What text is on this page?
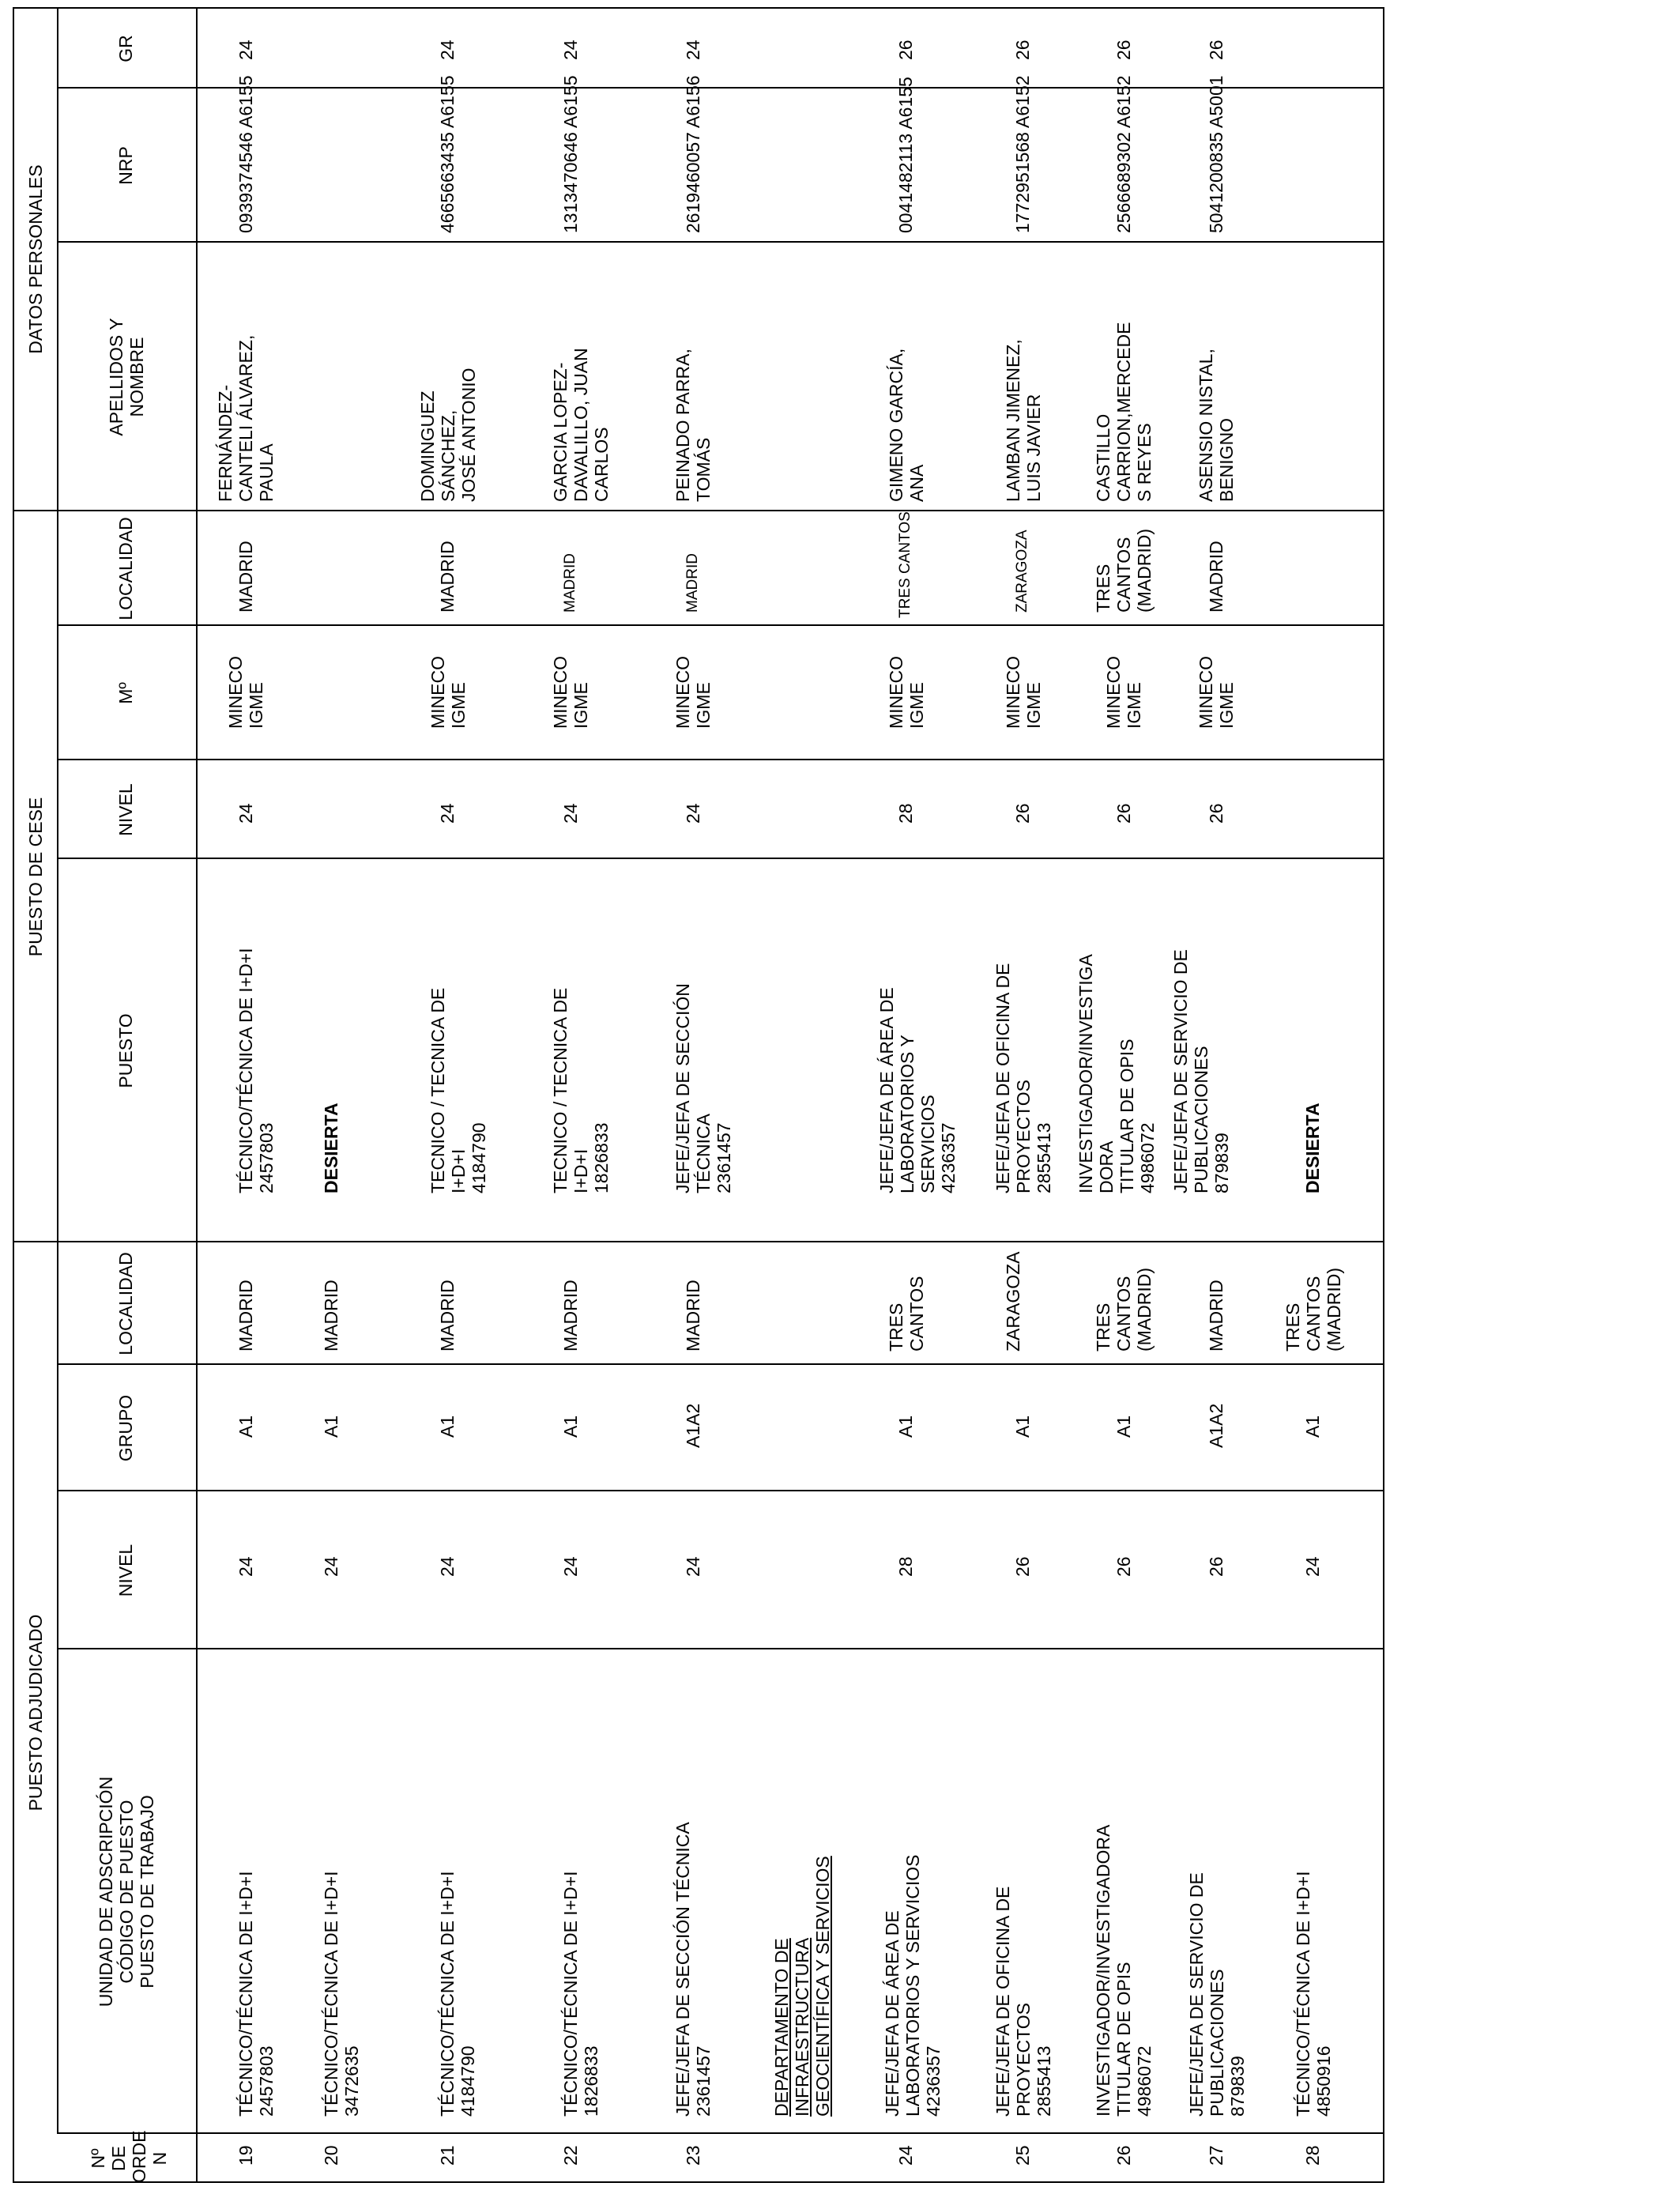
PUESTO ADJUDICADO
PUESTO DE CESE
DATOS PERSONALES
Nº DE ORDE N
UNIDAD DE ADSCRIPCIÓN CÓDIGO DE PUESTO PUESTO DE TRABAJO
NIVEL
GRUPO
LOCALIDAD
PUESTO
NIVEL
Mº
LOCALIDAD
APELLIDOS Y NOMBRE
NRP
GR
19
TÉCNICO/TÉCNICA DE I+D+I 2457803
24
A1
MADRID
TÉCNICO/TÉCNICA DE I+D+I 2457803
24
MINECO IGME
MADRID
FERNÁNDEZ- CANTELI ÁLVAREZ, PAULA
0939374546 A6155
24
20
TÉCNICO/TÉCNICA DE I+D+I 3472635
24
A1
MADRID
DESIERTA
21
TÉCNICO/TÉCNICA DE I+D+I 4184790
24
A1
MADRID
TECNICO / TECNICA DE I+D+I 4184790
24
MINECO IGME
MADRID
DOMINGUEZ SÁNCHEZ, JOSÉ ANTONIO
4665663435 A6155
24
22
TÉCNICO/TÉCNICA DE I+D+I 1826833
24
A1
MADRID
TECNICO / TECNICA DE I+D+I 1826833
24
MINECO IGME
MADRID
GARCIA LOPEZ- DAVALILLO, JUAN CARLOS
1313470646 A6155
24
23
JEFE/JEFA DE SECCIÓN TÉCNICA 2361457
24
A1A2
MADRID
JEFE/JEFA DE SECCIÓN TÉCNICA 2361457
24
MINECO IGME
MADRID
PEINADO PARRA, TOMÁS
2619460057 A6156
24
DEPARTAMENTO DE INFRAESTRUCTURA GEOCIENTÍFICA Y SERVICIOS
24
JEFE/JEFA DE ÁREA DE LABORATORIOS Y SERVICIOS 4236357
28
A1
TRES CANTOS
JEFE/JEFA DE ÁREA DE LABORATORIOS Y SERVICIOS 4236357
28
MINECO IGME
TRES CANTOS
GIMENO GARCÍA, ANA
0041482113 A6155
26
25
JEFE/JEFA DE OFICINA DE PROYECTOS 2855413
26
A1
ZARAGOZA
JEFE/JEFA DE OFICINA DE PROYECTOS 2855413
26
MINECO IGME
ZARAGOZA
LAMBAN JIMENEZ, LUIS JAVIER
1772951568 A6152
26
26
INVESTIGADOR/INVESTIGADORA TITULAR DE OPIS 4986072
26
A1
TRES CANTOS (MADRID)
INVESTIGADOR/INVESTIGA DORA TITULAR DE OPIS 4986072
26
MINECO IGME
TRES CANTOS (MADRID)
CASTILLO CARRION,MERCEDE S REYES
2566689302 A6152
26
27
JEFE/JEFA DE SERVICIO DE PUBLICACIONES 879839
26
A1A2
MADRID
JEFE/JEFA DE SERVICIO DE PUBLICACIONES 879839
26
MINECO IGME
MADRID
ASENSIO NISTAL, BENIGNO
5041200835 A5001
26
28
TÉCNICO/TÉCNICA DE I+D+I 4850916
24
A1
TRES CANTOS (MADRID)
DESIERTA
